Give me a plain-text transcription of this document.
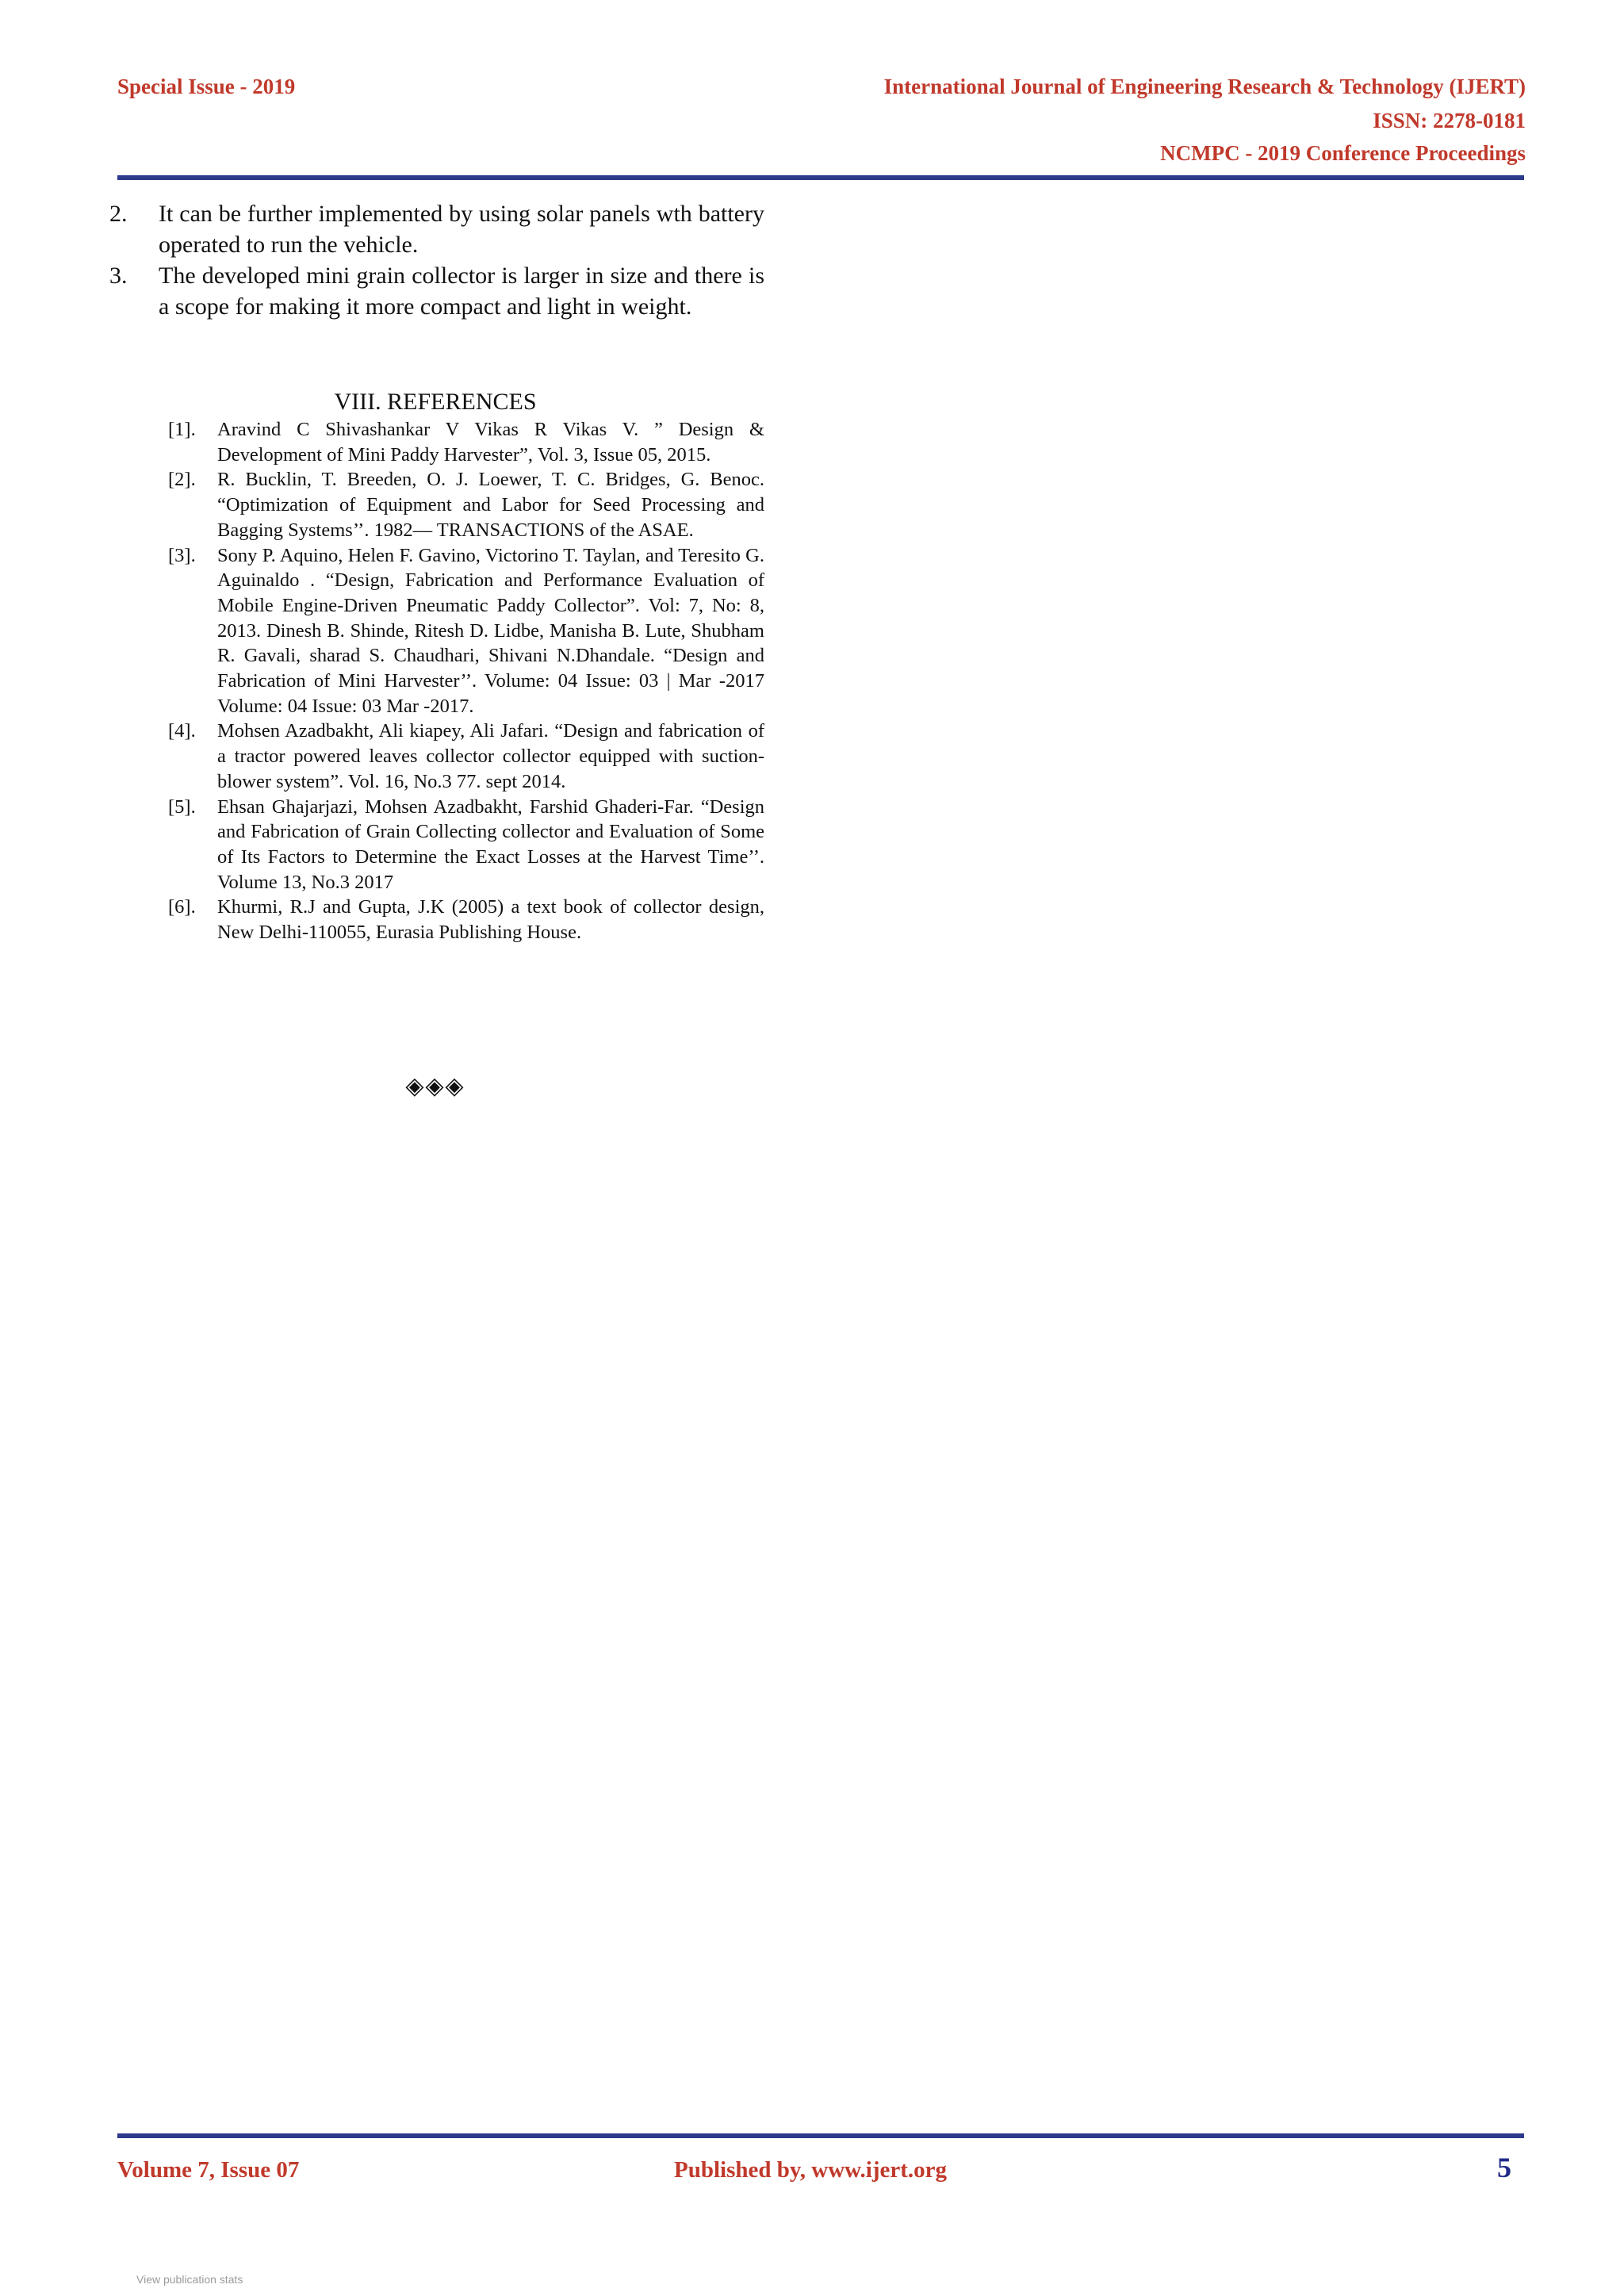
Special Issue - 2019	International Journal of Engineering Research & Technology (IJERT)
ISSN: 2278-0181
NCMPC - 2019 Conference Proceedings
2. It can be further implemented by using solar panels wth battery operated to run the vehicle.
3. The developed mini grain collector is larger in size and there is a scope for making it more compact and light in weight.
VIII. REFERENCES
[1]. Aravind C Shivashankar V Vikas R Vikas V. ” Design & Development of Mini Paddy Harvester”, Vol. 3, Issue 05, 2015.
[2]. R. Bucklin, T. Breeden, O. J. Loewer, T. C. Bridges, G. Benoc. “Optimization of Equipment and Labor for Seed Processing and Bagging Systems’’. 1982— TRANSACTIONS of the ASAE.
[3]. Sony P. Aquino, Helen F. Gavino, Victorino T. Taylan, and Teresito G. Aguinaldo . “Design, Fabrication and Performance Evaluation of Mobile Engine-Driven Pneumatic Paddy Collector”. Vol: 7, No: 8, 2013. Dinesh B. Shinde, Ritesh D. Lidbe, Manisha B. Lute, Shubham R. Gavali, sharad S. Chaudhari, Shivani N.Dhandale. “Design and Fabrication of Mini Harvester’’. Volume: 04 Issue: 03 | Mar -2017 Volume: 04 Issue: 03 Mar -2017.
[4]. Mohsen Azadbakht, Ali kiapey, Ali Jafari. “Design and fabrication of a tractor powered leaves collector collector equipped with suction-blower system”. Vol. 16, No.3 77. sept 2014.
[5]. Ehsan Ghajarjazi, Mohsen Azadbakht, Farshid Ghaderi-Far. “Design and Fabrication of Grain Collecting collector and Evaluation of Some of Its Factors to Determine the Exact Losses at the Harvest Time’’. Volume 13, No.3 2017
[6]. Khurmi, R.J and Gupta, J.K (2005) a text book of collector design, New Delhi-110055, Eurasia Publishing House.
◈◈◈
Volume 7, Issue 07	Published by, www.ijert.org	5
View publication stats
